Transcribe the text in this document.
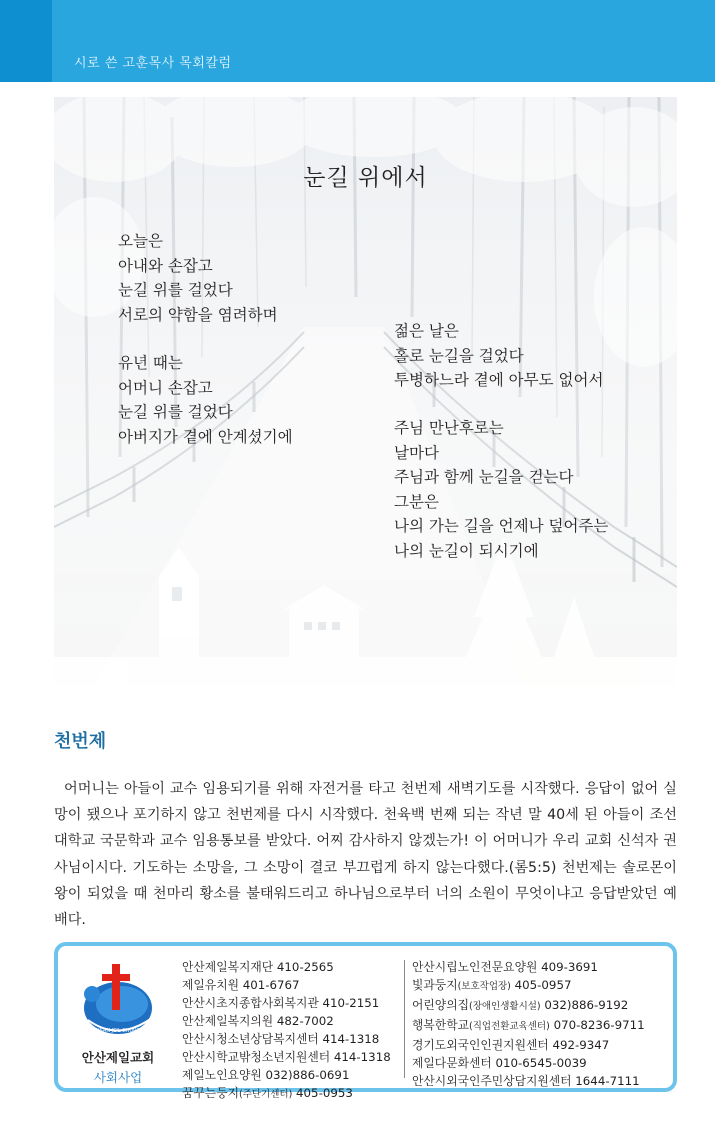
시로 쓴 고훈목사 목회칼럼
눈길 위에서
오늘은
아내와 손잡고
눈길 위를 걸었다
서로의 약함을 염려하며
유년 때는
어머니 손잡고
눈길 위를 걸었다
아버지가 곁에 안계셨기에
젊은 날은
홀로 눈길을 걸었다
투병하느라 곁에 아무도 없어서
주님 만난후로는
날마다
주님과 함께 눈길을 걷는다
그분은
나의 가는 길을 언제나 덮어주는
나의 눈길이 되시기에
천번제
어머니는 아들이 교수 임용되기를 위해 자전거를 타고 천번제 새벽기도를 시작했다. 응답이 없어 실망이 됐으나 포기하지 않고 천번제를 다시 시작했다. 천육백 번째 되는 작년 말 40세 된 아들이 조선대학교 국문학과 교수 임용통보를 받았다. 어찌 감사하지 않겠는가! 이 어머니가 우리 교회 신석자 권사님이시다. 기도하는 소망을, 그 소망이 결코 부끄럽게 하지 않는다했다.(롬5:5) 천번제는 솔로몬이 왕이 되었을 때 천마리 황소를 불태워드리고 하나님으로부터 너의 소원이 무엇이냐고 응답받았던 예배다.
ANSAN JEIL CHURCH
안산제일교회
사회사업
안산제일복지재단 410-2565
제일유치원 401-6767
안산시초지종합사회복지관 410-2151
안산제일복지의원 482-7002
안산시청소년상담복지센터 414-1318
안산시학교밖청소년지원센터 414-1318
제일노인요양원 032)886-0691
꿈꾸는둥지(주단기센터) 405-0953
안산시립노인전문요양원 409-3691
빛과둥지(보호작업장) 405-0957
어린양의집(장애인생활시설) 032)886-9192
행복한학교(직업전환교육센터) 070-8236-9711
경기도외국인인권지원센터 492-9347
제일다문화센터 010-6545-0039
안산시외국인주민상담지원센터 1644-7111
